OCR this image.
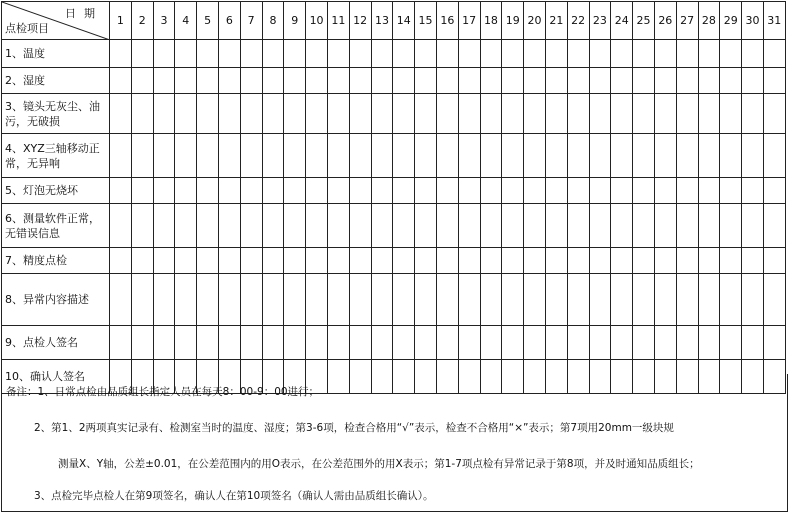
日期
点检项目	1	2	3	4	5	6	7	8	9	10	11	12	13	14	15	16	17	18	19	20	21	22	23	24	25	26	27	28	29	30	31
1、温度																															
2、湿度																															
3、镜头无灰尘、油污，无破损																															
4、XYZ三轴移动正常，无异响																															
5、灯泡无烧坏																															
6、测量软件正常，无错误信息																															
7、精度点检																															
8、异常内容描述																															
9、点检人签名																															
10、确认人签名																															
备注：1、日常点检由品质组长指定人员在每天8：00-9：00进行；
2、第1、2两项真实记录有、检测室当时的温度、湿度；第3-6项，检查合格用“√”表示，检查不合格用“×”表示；第7项用20mm一级块规
测量X、Y轴，公差±0.01，在公差范围内的用O表示，在公差范围外的用X表示；第1-7项点检有异常记录于第8项，并及时通知品质组长；
3、点检完毕点检人在第9项签名，确认人在第10项签名（确认人需由品质组长确认）。
